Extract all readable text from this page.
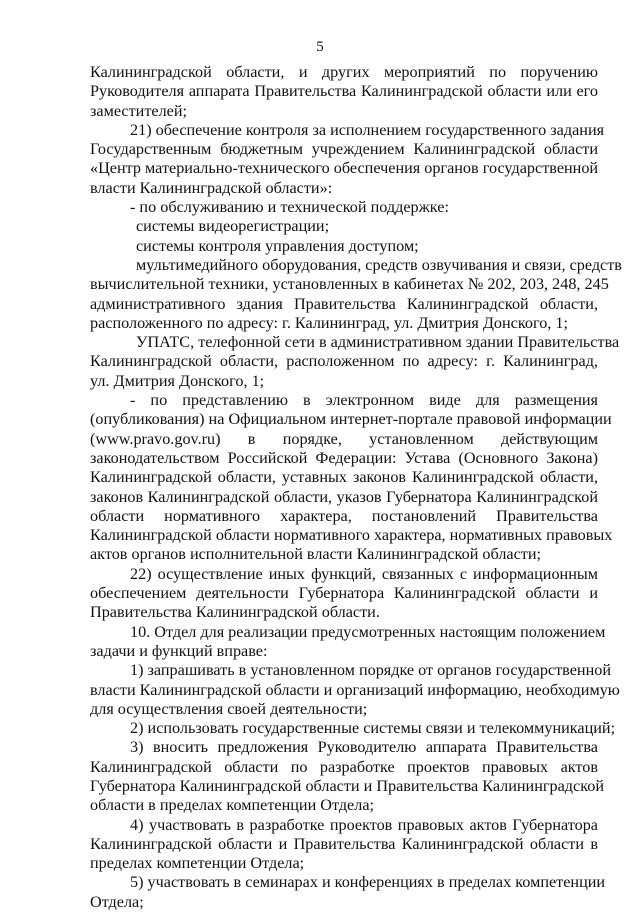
5
Калининградской области, и других мероприятий по поручению
Руководителя аппарата Правительства Калининградской области или его
заместителей;
21) обеспечение контроля за исполнением государственного задания
Государственным бюджетным учреждением Калининградской области
«Центр материально-технического обеспечения органов государственной
власти Калининградской области»:
- по обслуживанию и технической поддержке:
системы видеорегистрации;
системы контроля управления доступом;
мультимедийного оборудования, средств озвучивания и связи, средств
вычислительной техники, установленных в кабинетах № 202, 203, 248, 245
административного здания Правительства Калининградской области,
расположенного по адресу: г. Калининград, ул. Дмитрия Донского, 1;
УПАТС, телефонной сети в административном здании Правительства
Калининградской области, расположенном по адресу: г. Калининград,
ул. Дмитрия Донского, 1;
- по представлению в электронном виде для размещения
(опубликования) на Официальном интернет-портале правовой информации
(www.pravo.gov.ru) в порядке, установленном действующим
законодательством Российской Федерации: Устава (Основного Закона)
Калининградской области, уставных законов Калининградской области,
законов Калининградской области, указов Губернатора Калининградской
области нормативного характера, постановлений Правительства
Калининградской области нормативного характера, нормативных правовых
актов органов исполнительной власти Калининградской области;
22) осуществление иных функций, связанных с информационным
обеспечением деятельности Губернатора Калининградской области и
Правительства Калининградской области.
10. Отдел для реализации предусмотренных настоящим положением
задачи и функций вправе:
1) запрашивать в установленном порядке от органов государственной
власти Калининградской области и организаций информацию, необходимую
для осуществления своей деятельности;
2) использовать государственные системы связи и телекоммуникаций;
3) вносить предложения Руководителю аппарата Правительства
Калининградской области по разработке проектов правовых актов
Губернатора Калининградской области и Правительства Калининградской
области в пределах компетенции Отдела;
4) участвовать в разработке проектов правовых актов Губернатора
Калининградской области и Правительства Калининградской области в
пределах компетенции Отдела;
5) участвовать в семинарах и конференциях в пределах компетенции
Отдела;
